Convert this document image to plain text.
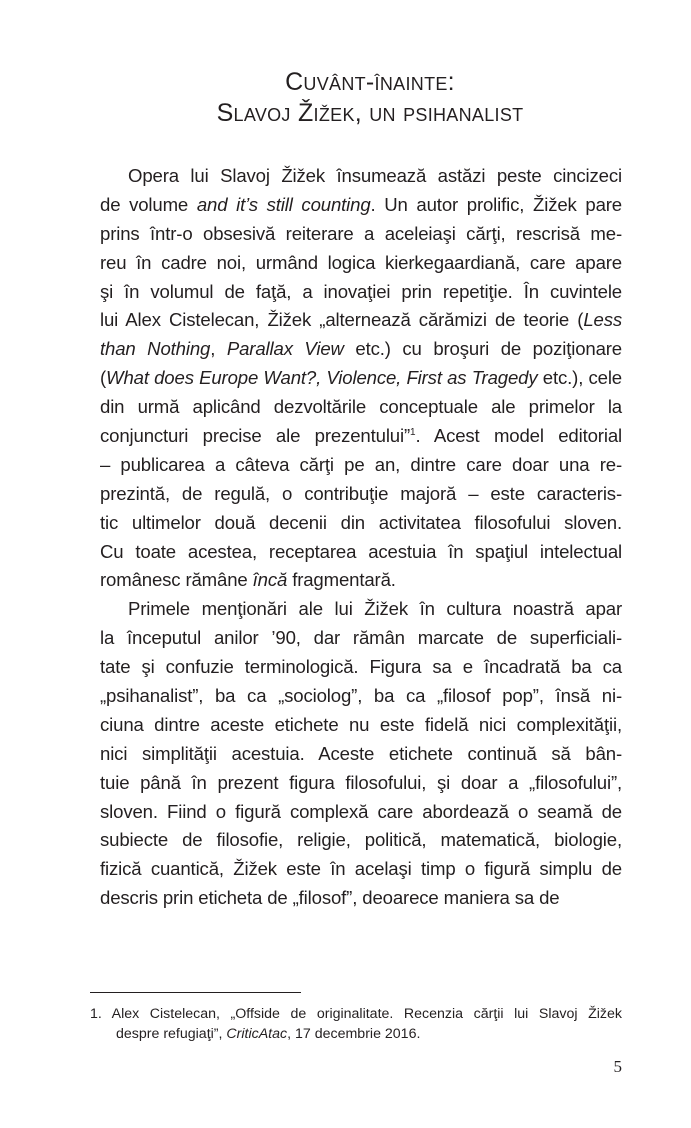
Cuvânt-înainte:
Slavoj Žižek, un psihanalist
Opera lui Slavoj Žižek însumează astăzi peste cincizeci
de volume and it’s still counting. Un autor prolific, Žižek pare
prins într-o obsesivă reiterare a aceleiaşi cărţi, rescrisă me-
reu în cadre noi, urmând logica kierkegaardiană, care apare
şi în volumul de faţă, a inovaţiei prin repetiţie. În cuvintele
lui Alex Cistelecan, Žižek „alternează cărămizi de teorie (Less
than Nothing, Parallax View etc.) cu broşuri de poziţionare
(What does Europe Want?, Violence, First as Tragedy etc.), cele
din urmă aplicând dezvoltările conceptuale ale primelor la
conjuncturi precise ale prezentului”$^1$. Acest model editorial
– publicarea a câteva cărţi pe an, dintre care doar una re-
prezintă, de regulă, o contribuţie majoră – este caracteris-
tic ultimelor două decenii din activitatea filosofului sloven.
Cu toate acestea, receptarea acestuia în spaţiul intelectual
românesc rămâne încă fragmentară.
Primele menţionări ale lui Žižek în cultura noastră apar
la începutul anilor ’90, dar rămân marcate de superficiali-
tate şi confuzie terminologică. Figura sa e încadrată ba ca
„psihanalist”, ba ca „sociolog”, ba ca „filosof pop”, însă ni-
ciuna dintre aceste etichete nu este fidelă nici complexităţii,
nici simplităţii acestuia. Aceste etichete continuă să bân-
tuie până în prezent figura filosofului, şi doar a „filosofului”,
sloven. Fiind o figură complexă care abordează o seamă de
subiecte de filosofie, religie, politică, matematică, biologie,
fizică cuantică, Žižek este în acelaşi timp o figură simplu de
descris prin eticheta de „filosof”, deoarece maniera sa de
1. Alex Cistelecan, „Offside de originalitate. Recenzia cărţii lui Slavoj Žižek
despre refugiaţi”, CriticAtac, 17 decembrie 2016.
5
